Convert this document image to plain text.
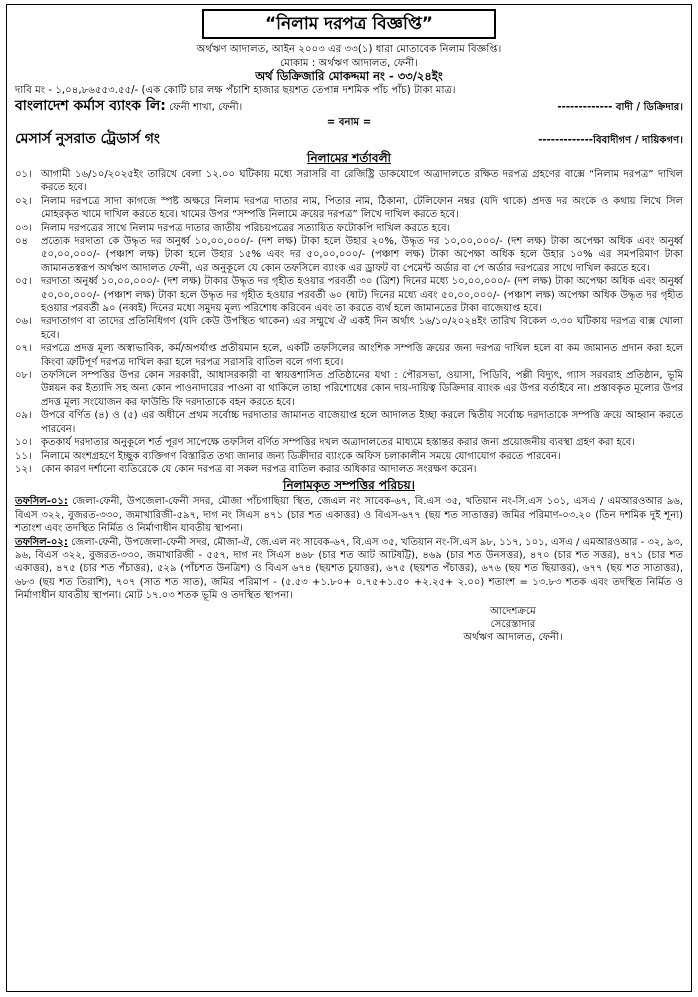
“নিলাম দরপত্র বিজ্ঞপ্তি”
অর্থঋণ আদালত, আইন ২০০৩ এর ৩৩(১) ধারা মোতাবেক নিলাম বিজ্ঞপ্তি।
মোকাম : অর্থঋণ আদালত, ফেনী।
অর্থ ডিক্রিজারি মোকদ্দমা নং - ৩৩/২৪ইং
দাবি মং - ১,০৪,৮৬৫৫৩.৫৫/- (এক কোটি চার লক্ষ পঁচাশি হাজার ছয়শত তেপান্ন দশমিক পাঁচ পাঁচ) টাকা মাত্র।
বাংলাদেশ কর্মাস ব্যাংক লি: ফেনী শাখা, ফেনী।	------------- বাদী / ডিক্রিদার।
= বনাম =
মেসার্স নুসরাত ট্রেডার্স গং	-------------বিবাদীগণ / দায়িকগণ।
নিলামের শর্তাবলী
০১। আগামী ১৬/১০/২০২৫ইং তারিখে বেলা ১২.০০ ঘটিকায় মধ্যে সরাসরি বা রেজিষ্ট্রি ডাকযোগে অত্রাদালতে রক্ষিত দরপত্র গ্রহণের বাক্সে “নিলাম দরপত্র” দাখিল করতে হবে।
০২। নিলাম দরপত্রে সাদা কাগজে স্পষ্ট অক্ষরে নিলাম দরপত্র দাতার নাম, পিতার নাম, ঠিকানা, টেলিফোন নম্বর (যদি থাকে) প্রদত্ত দর অংকে ও কথায় লিখে সিল মোহরকৃত খামে দাখিল করতে হবে। খামের উপর “সম্পত্তি নিলামে ক্রয়ের দরপত্র” লিখে দাখিল করতে হবে।
০৩। নিলাম দরপত্রের সাথে নিলাম দরপত্র দাতার জাতীয় পরিচয়পত্রের সত্যায়িত ফটোকপি দাখিল করতে হবে।
০৪	প্রত্যেক দরদাতা কে উদ্ধৃত দর অনুর্ধ্ব ১০,০০,০০০/- (দশ লক্ষ) টাকা হলে উহার ২০%, উদ্ধৃত দর ১০,০০,০০০/- (দশ লক্ষ) টাকা অপেক্ষা অধিক এবং অনুর্ধ্ব ৫০,০০,০০০/- (পঞ্চাশ লক্ষ) টাকা হলে উহার ১৫% এবং দর ৫০,০০,০০০/- (পঞ্চাশ লক্ষ) টাকা অপেক্ষা অধিক হলে উহার ১০% এর সমপরিমাণ টাকা জামানতস্বরূপ অর্থঋণ আদালত ফেনী, এর অনুকূলে যে কোন তফসিলে ব্যাংক এর ড্রাফট বা পেমেন্ট অর্ডার বা পে অর্ডার দরপত্রের সাথে দাখিল করতে হবে।
০৫। দরদাতা অনুর্ধ্ব ১০,০০,০০০/- (দশ লক্ষ) টাকার উদ্ধৃত দর গৃহীত হওয়ার পরবর্তী ৩০ (ত্রিশ) দিনের মধ্যে ১০,০০,০০০/- (দশ লক্ষ) টাকা অপেক্ষা অধিক এবং অনুর্ধ্ব ৫০,০০,০০০/- (পঞ্চাশ লক্ষ) টাকা হলে উদ্ধৃত দর গৃহীত হওয়ার পরবর্তী ৬০ (ষাট) দিনের মধ্যে এবং ৫০,০০,০০০/- (পঞ্চাশ লক্ষ) অপেক্ষা অধিক উদ্ধৃত দর গৃহীত হওয়ার পরবর্তী ৯০ (নব্বই) দিনের মধ্যে সমুদয় মূল্য পরিশোধ করিবেন এবং তা করতে ব্যর্থ হলে জামানতের টাকা বাজেয়াপ্ত হবে।
০৬। দরদাতাগণ বা তাদের প্রতিনিধিগণ (যদি কেউ উপস্থিত থাকেন) এর সম্মুখে ঐ একই দিন অর্থাৎ ১৬/১০/২০২৪ইং তারিখ বিকেল ৩.৩০ ঘটিকায় দরপত্র বাক্স খোলা হবে।
০৭। দরপত্রে প্রদত্ত মূল্য অস্বাভাবিক, কর্ম/অপর্যাপ্ত প্রতীয়মান হলে, একটি তফসিলের আংশিক সম্পত্তি ক্রয়ের জন্য দরপত্র দাখিল হলে বা কম জামানত প্রদান করা হলে কিংবা ত্রুটিপূর্ণ দরপত্র দাখিল করা হলে দরপত্র সরাসরি বাতিল বলে গণ্য হবে।
০৮। তফসিলে সম্পত্তির উপর কোন সরকারী, আধাসরকারী বা স্বায়ত্তশাসিত প্রতিষ্ঠানের যথা : পৌরসভা, ওয়াসা, পিডিবি, পল্লী বিদ্যুৎ, গ্যাস সরবরাহ প্রতিষ্ঠান, ভূমি উন্নয়ন কর ইত্যাদি সহ অন্য কোন পাওনাদারের পাওনা বা থাকিলে তাহা পরিশোধের কোন দায়-দায়িত্ব ডিক্রিদার ব্যাংক এর উপর বর্তাইবে না। প্রস্তাবকৃত মূল্যের উপর প্রদত্ত মূল্য সংযোজন কর ফাউন্ডি ফি দরদাতাকে বহন করতে হবে।
০৯। উপরে বর্ণিত (৪) ও (৫) এর অধীনে প্রথম সর্বোচ্চ দরদাতার জামানত বাজেয়াপ্ত হলে আদালত ইচ্ছা করলে দ্বিতীয় সর্বোচ্চ দরদাতাকে সম্পত্তি ক্রয়ে আহ্বান করতে পারবেন।
১০। কৃতকার্য দরদাতার অনুকূলে শর্ত পূরণ সাপেক্ষে তফসিল বর্ণিত সম্পত্তির দখল অত্রাদালতের মাধ্যমে হস্তান্তর করার জন্য প্রয়োজনীয় ব্যবস্থা গ্রহণ করা হবে।
১১। নিলামে অংশগ্রহণে ইচ্ছুক ব্যক্তিগণ বিস্তারিত তথ্য জানার জন্য ডিক্রীদার ব্যাংকে অফিস চলাকালীন সময়ে যোগাযোগ করতে পারবেন।
১২। কোন কারণ দর্শানো ব্যতিরেকে যে কোন দরপত্র বা সকল দরপত্র বাতিল করার অধিকার আদালত সংরক্ষণ করেন।
নিলামকৃত সম্পত্তির পরিচয়।
তফসিল-০১: জেলা-ফেনী, উপজেলা-ফেনী সদর, মৌজা পাঁচগাছিয়া স্থিত, জেএল নং সাবেক-৬৭, বি.এস ৩৫, খতিয়ান নং-সি.এস ১০১, এসএ / এমআরওআর ৯৬, বিএস ৩২২, বুজরত-৩৩০, জমাখারিজী-৫৯৭, দাগ নং সিএস ৪৭১ (চার শত একাত্তর) ও বিএস-৬৭৭ (ছয় শত সাতাত্তর) জমির পরিমাণ-০৩.২০ (তিন দশমিক দুই শূন্য) শতাংশ এবং তদস্থিত নির্মিত ও নির্মাণাধীন যাবতীয় স্থাপনা।
তফসিল-০২: জেলা-ফেনী, উপজেলা-ফেনী সদর, মৌজা-ঐ, জে.এল নং সাবেক-৬৭, বি.এস ৩৫, খতিয়ান নং-সি.এস ৯৮, ১১৭, ১০১, এসএ / এমআরওআর - ৩২, ৯৩, ৯৬, বিএস ৩২২, বুজরত-৩৩০, জমাখারিজী - ৫৫৭, দাগ নং সিএস ৪৬৮ (চার শত আট আটষট্টি), ৪৬৯ (চার শত উনসত্তর), ৪৭০ (চার শত সত্তর), ৪৭১ (চার শত একাত্তর), ৪৭৫ (চার শত পঁচাত্তর), ৫২৯ (পাঁচশত উনত্রিশ) ও বিএস ৬৭৪ (ছয়শত চুয়াত্তর), ৬৭৫ (ছয়শত পঁচাত্তর), ৬৭৬ (ছয় শত ছিয়াত্তর), ৬৭৭ (ছয় শত সাতাত্তর), ৬৮৩ (ছয় শত তিরাশি), ৭০৭ (সাত শত সাত), জমির পরিমাপ - (৫.৫৩ +১.৮০+ ০.৭৫+১.৫০ +২.২৫+ ২.০০) শতাংশ = ১৩.৮৩ শতক এবং তদস্থিত নির্মিত ও নির্মাণাধীন যাবতীয় স্থাপনা। মোট ১৭.০৩ শতক ভূমি ও তদস্থিত স্থাপনা।
আদেশক্রমে
সেরেস্তাদার
অর্থঋণ আদালত, ফেনী।
